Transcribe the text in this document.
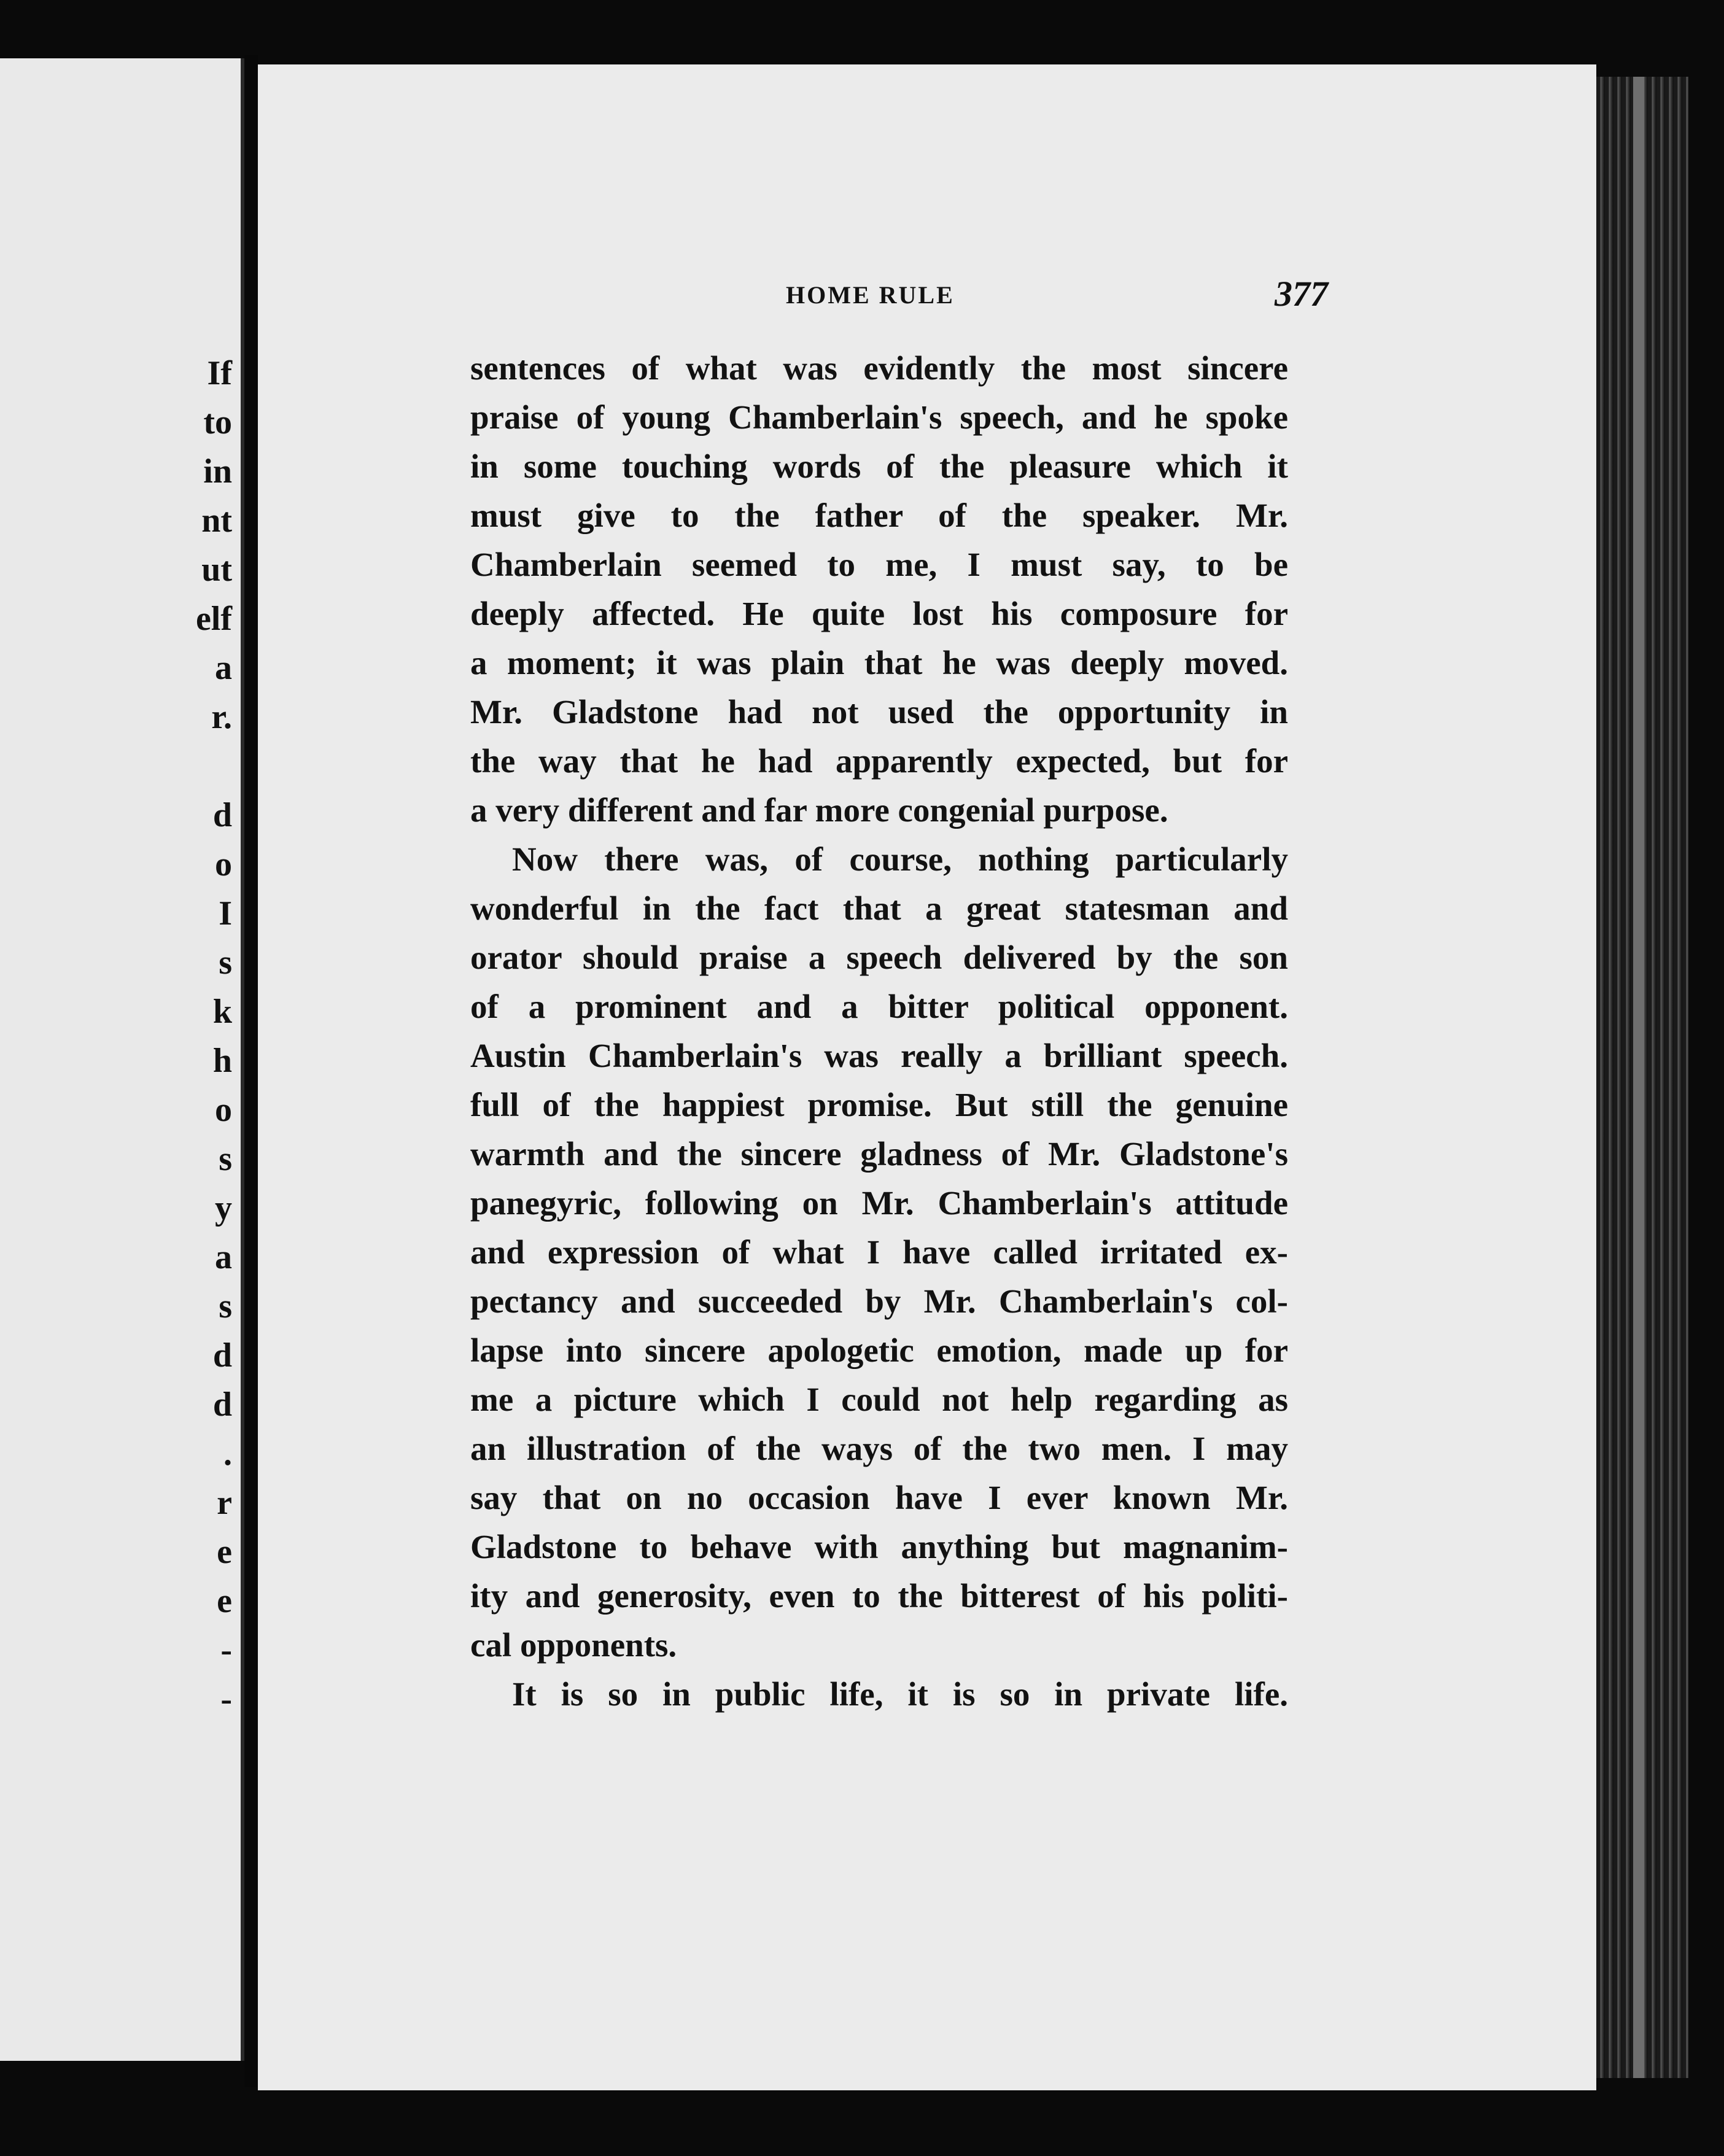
If
to
in
nt
ut
elf
a
r.
d
o
I
s
k
h
o
s
y
a
s
d
d
.
r
e
e
-
-
HOME RULE	377
sentences of what was evidently the most sincere
praise of young Chamberlain's speech, and he spoke
in some touching words of the pleasure which it
must give to the father of the speaker. Mr.
Chamberlain seemed to me, I must say, to be
deeply affected. He quite lost his composure for
a moment; it was plain that he was deeply moved.
Mr. Gladstone had not used the opportunity in
the way that he had apparently expected, but for
a very different and far more congenial purpose.
Now there was, of course, nothing particularly
wonderful in the fact that a great statesman and
orator should praise a speech delivered by the son
of a prominent and a bitter political opponent.
Austin Chamberlain's was really a brilliant speech.
full of the happiest promise. But still the genuine
warmth and the sincere gladness of Mr. Gladstone's
panegyric, following on Mr. Chamberlain's attitude
and expression of what I have called irritated ex-
pectancy and succeeded by Mr. Chamberlain's col-
lapse into sincere apologetic emotion, made up for
me a picture which I could not help regarding as
an illustration of the ways of the two men. I may
say that on no occasion have I ever known Mr.
Gladstone to behave with anything but magnanim-
ity and generosity, even to the bitterest of his politi-
cal opponents.
It is so in public life, it is so in private life.
